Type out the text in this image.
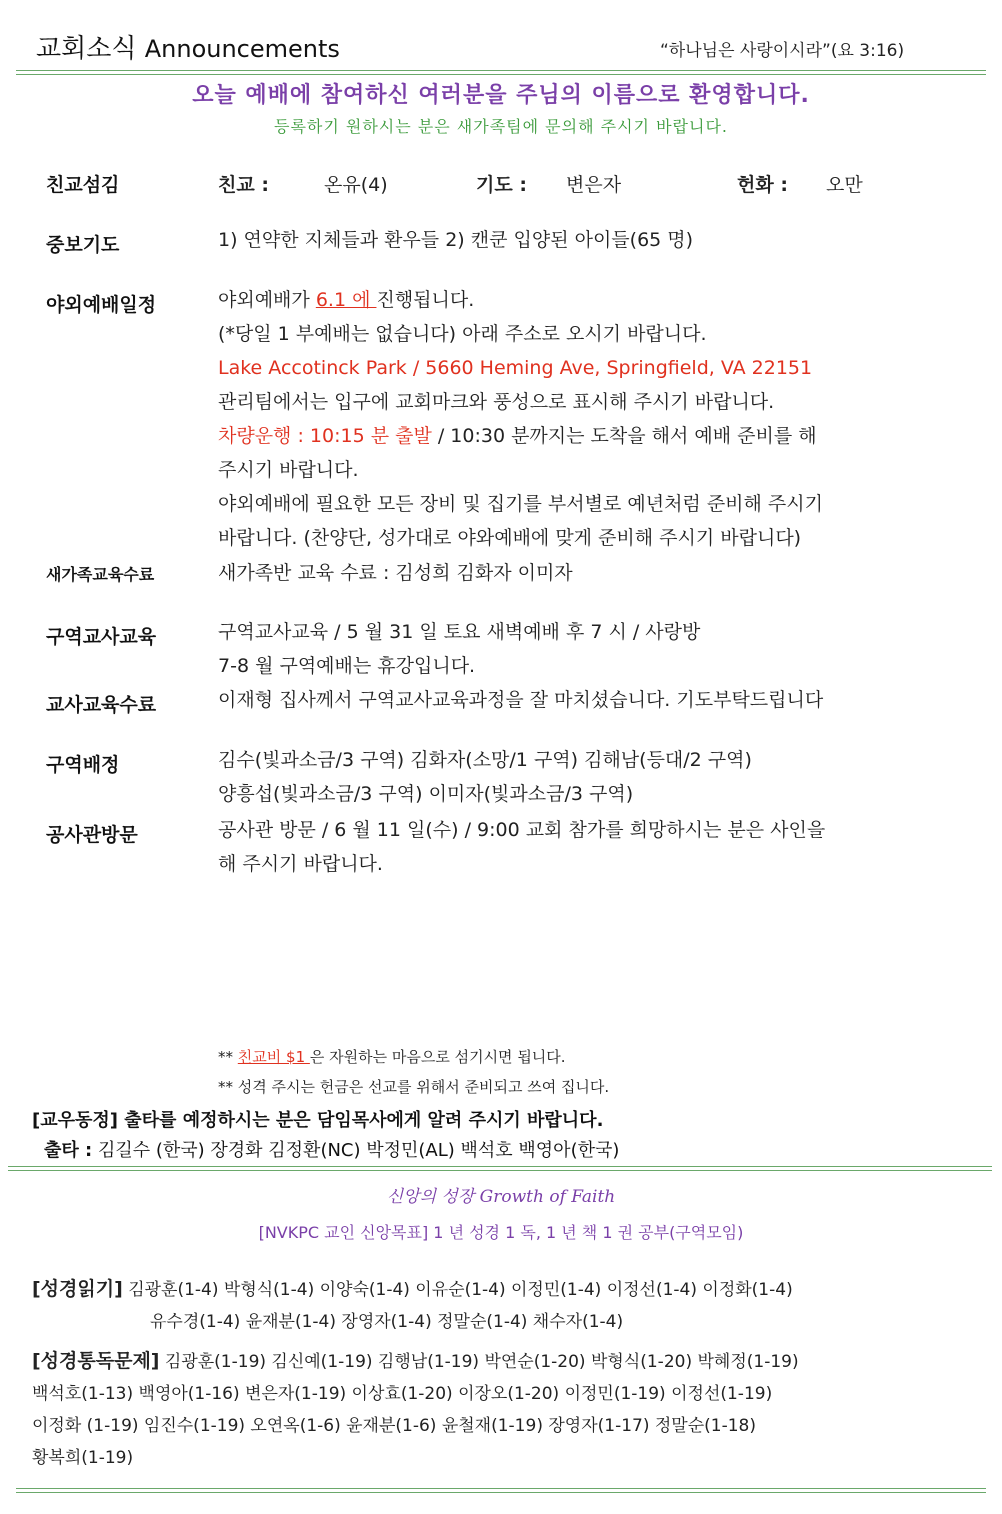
교회소식 Announcements	“하나님은 사랑이시라”(요 3:16)
오늘 예배에 참여하신 여러분을 주님의 이름으로 환영합니다.
등록하기 원하시는 분은 새가족팀에 문의해 주시기 바랍니다.
친교섬김	친교 :	온유(4)	기도 : 변은자	헌화 : 오만
중보기도	1) 연약한 지체들과 환우들 2) 캔쿤 입양된 아이들(65 명)
야외예배일정	야외예배가 6.1 에 진행됩니다.
(*당일 1 부예배는 없습니다) 아래 주소로 오시기 바랍니다.
Lake Accotinck Park / 5660 Heming Ave, Springfield, VA 22151
관리팀에서는 입구에 교회마크와 풍성으로 표시해 주시기 바랍니다.
차량운행 : 10:15 분 출발 / 10:30 분까지는 도착을 해서 예배 준비를 해
주시기 바랍니다.
야외예배에 필요한 모든 장비 및 집기를 부서별로 예년처럼 준비해 주시기
바랍니다. (찬양단, 성가대로 야와예배에 맞게 준비해 주시기 바랍니다)
새가족교육수료	새가족반 교육 수료 : 김성희 김화자 이미자
구역교사교육	구역교사교육 / 5 월 31 일 토요 새벽예배 후 7 시 / 사랑방
7-8 월 구역예배는 휴강입니다.
교사교육수료	이재형 집사께서 구역교사교육과정을 잘 마치셨습니다. 기도부탁드립니다
구역배정	김수(빛과소금/3 구역) 김화자(소망/1 구역) 김해남(등대/2 구역)
양흥섭(빛과소금/3 구역) 이미자(빛과소금/3 구역)
공사관방문	공사관 방문 / 6 월 11 일(수) / 9:00 교회 참가를 희망하시는 분은 사인을
해 주시기 바랍니다.
** 친교비 $1 은 자원하는 마음으로 섬기시면 됩니다.
** 성격 주시는 헌금은 선교를 위해서 준비되고 쓰여 집니다.
[교우동정] 출타를 예정하시는 분은 담임목사에게 알려 주시기 바랍니다.
출타 : 김길수 (한국) 장경화 김정환(NC) 박정민(AL) 백석호 백영아(한국)
신앙의 성장 Growth of Faith
[NVKPC 교인 신앙목표] 1 년 성경 1 독, 1 년 책 1 권 공부(구역모임)
[성경읽기] 김광훈(1-4) 박형식(1-4) 이양숙(1-4) 이유순(1-4) 이정민(1-4) 이정선(1-4) 이정화(1-4)
유수경(1-4) 윤재분(1-4) 장영자(1-4) 정말순(1-4) 채수자(1-4)
[성경통독문제] 김광훈(1-19) 김신예(1-19) 김행남(1-19) 박연순(1-20) 박형식(1-20) 박혜정(1-19)
백석호(1-13) 백영아(1-16) 변은자(1-19) 이상효(1-20) 이장오(1-20) 이정민(1-19) 이정선(1-19)
이정화 (1-19) 임진수(1-19) 오연옥(1-6) 윤재분(1-6) 윤철재(1-19) 장영자(1-17) 정말순(1-18)
황복희(1-19)
